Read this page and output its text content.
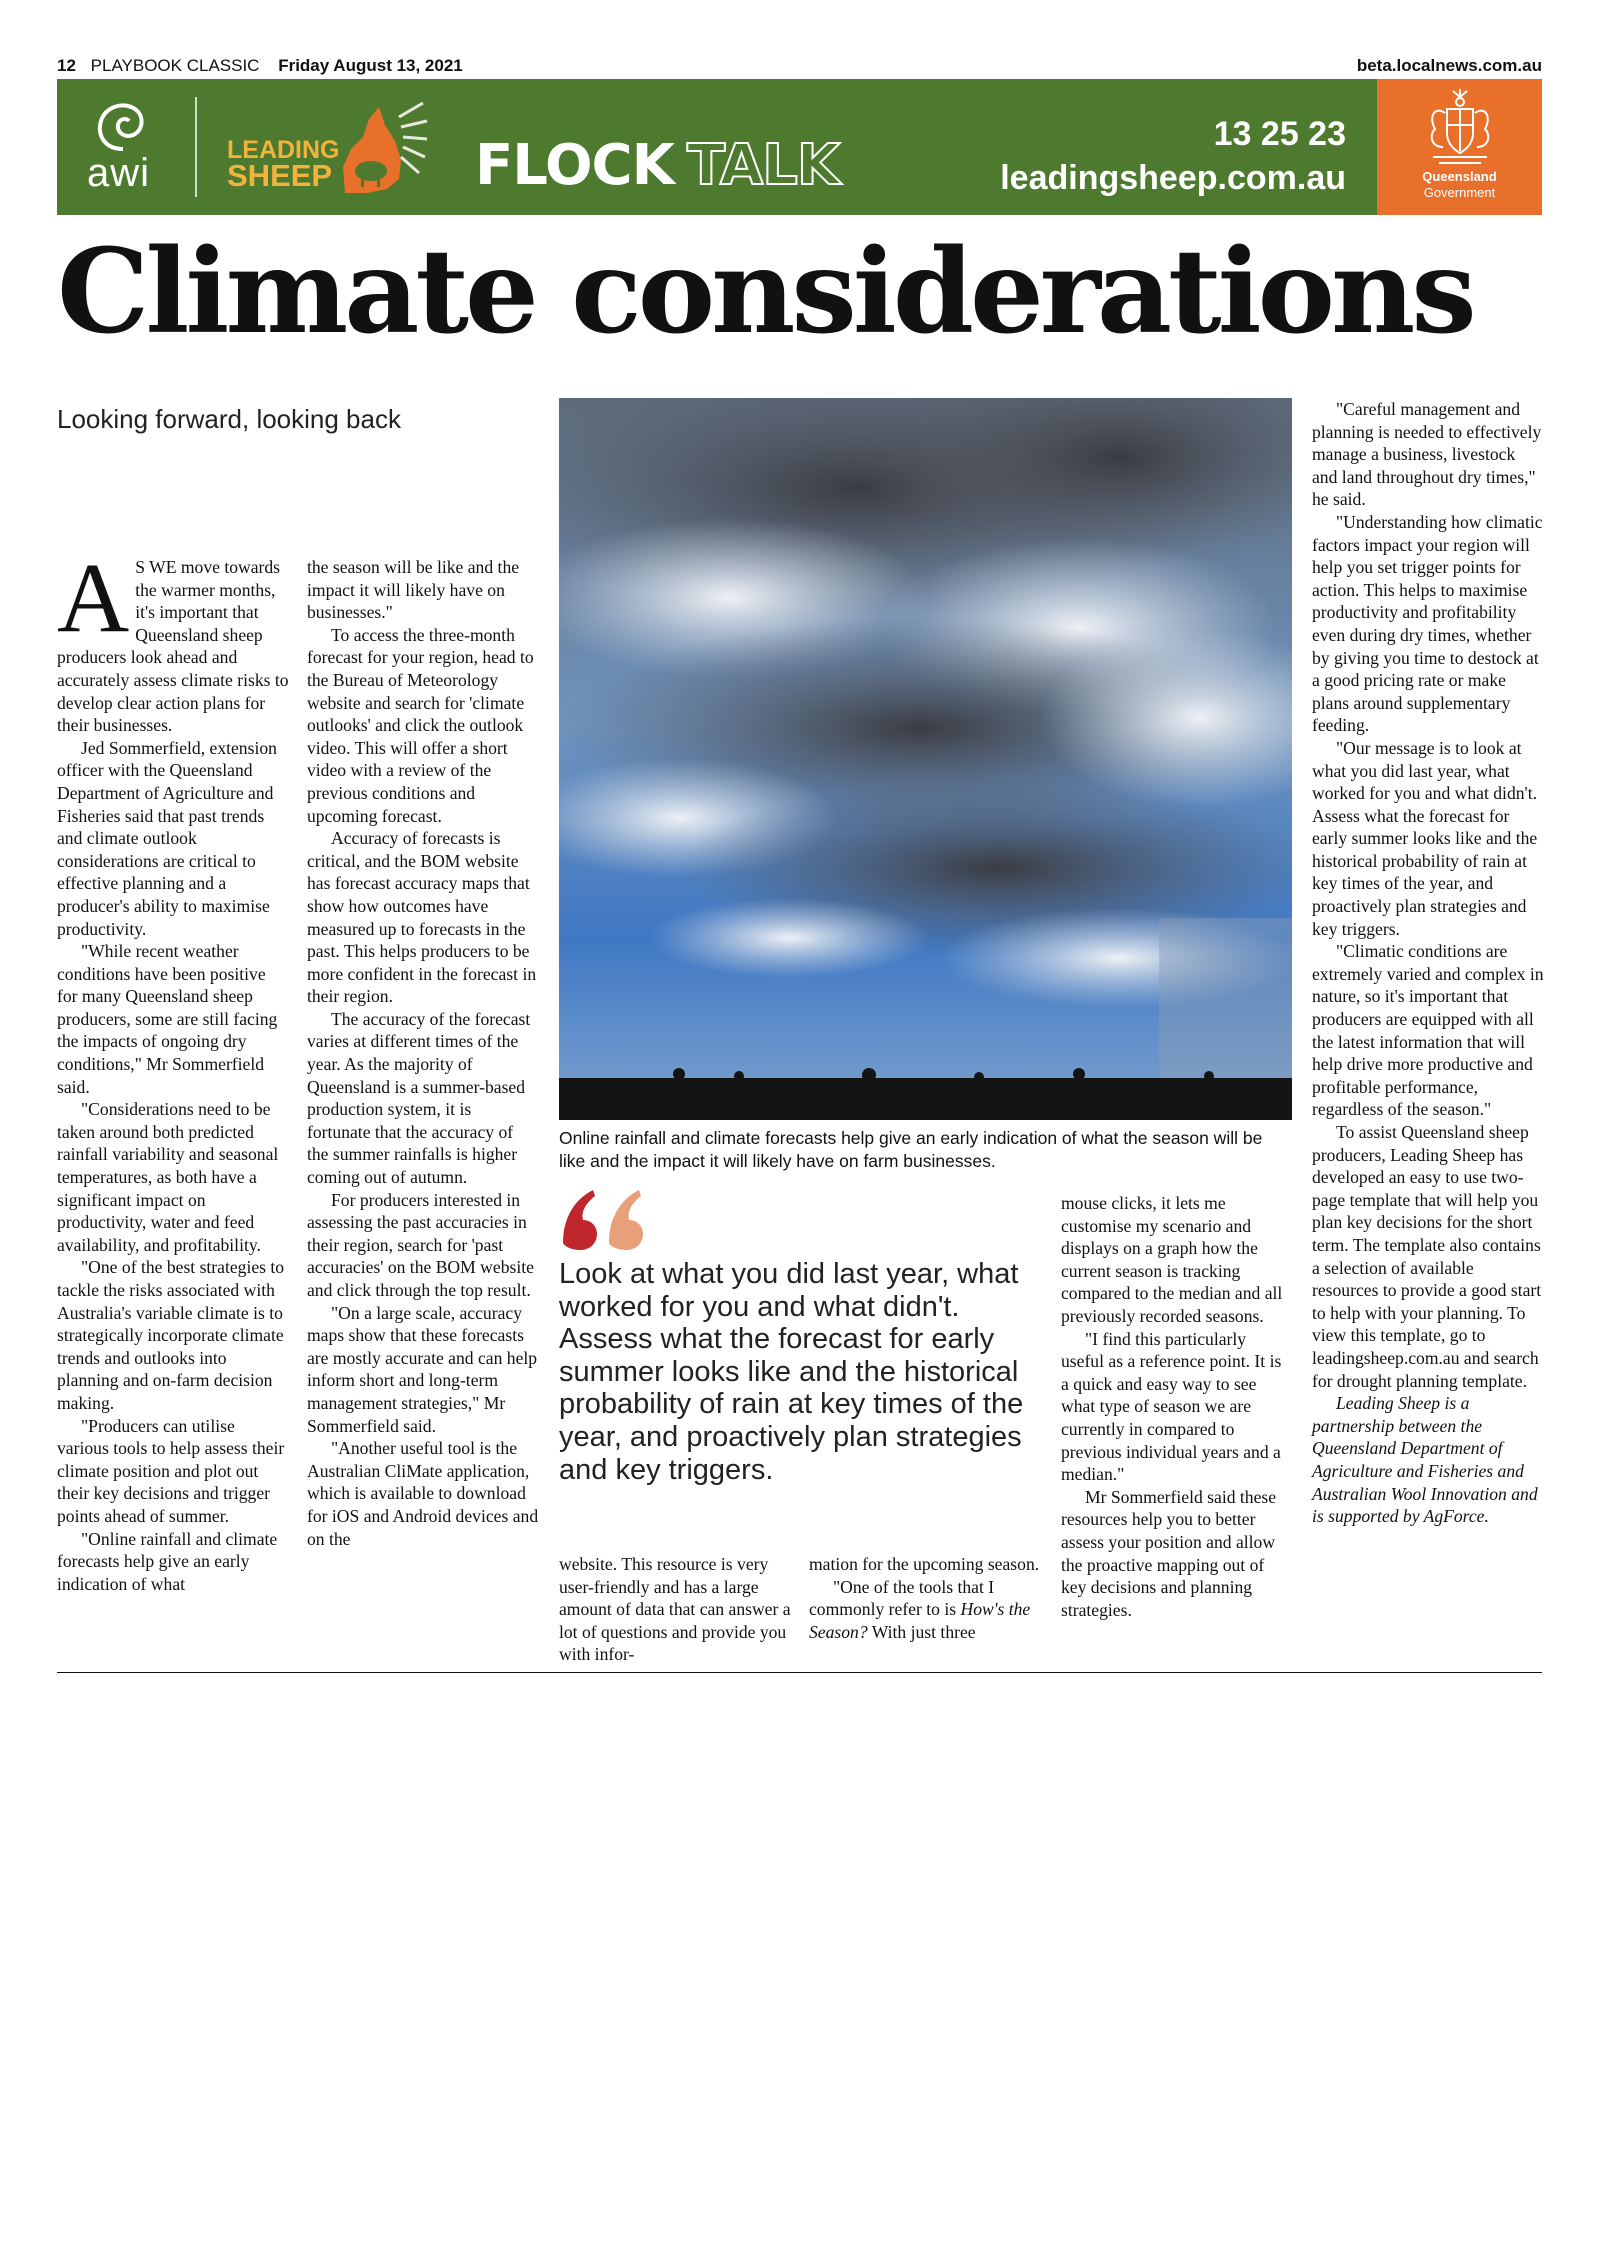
12 PLAYBOOK CLASSIC Friday August 13, 2021	beta.localnews.com.au
awi
LEADING
SHEEP	FLOCK TALK	13 25 23
leadingsheep.com.au	Queensland
Government
Climate considerations
Looking forward, looking back

A S WE move towards the warmer months, it's important that Queensland sheep producers look ahead and accurately assess climate risks to develop clear action plans for their businesses.

Jed Sommerfield, extension officer with the Queensland Department of Agriculture and Fisheries said that past trends and climate outlook considerations are critical to effective planning and a producer's ability to maximise productivity.

"While recent weather conditions have been positive for many Queensland sheep producers, some are still facing the impacts of ongoing dry conditions," Mr Sommerfield said.

"Considerations need to be taken around both predicted rainfall variability and seasonal temperatures, as both have a significant impact on productivity, water and feed availability, and profitability.

"One of the best strategies to tackle the risks associated with Australia's variable climate is to strategically incorporate climate trends and outlooks into planning and on-farm decision making.

"Producers can utilise various tools to help assess their climate position and plot out their key decisions and trigger points ahead of summer.

"Online rainfall and climate forecasts help give an early indication of what

the season will be like and the impact it will likely have on businesses."

To access the three-month forecast for your region, head to the Bureau of Meteorology website and search for 'climate outlooks' and click the outlook video. This will offer a short video with a review of the previous conditions and upcoming forecast.

Accuracy of forecasts is critical, and the BOM website has forecast accuracy maps that show how outcomes have measured up to forecasts in the past. This helps producers to be more confident in the forecast in their region.

The accuracy of the forecast varies at different times of the year. As the majority of Queensland is a summer-based production system, it is fortunate that the accuracy of the summer rainfalls is higher coming out of autumn.

For producers interested in assessing the past accuracies in their region, search for 'past accuracies' on the BOM website and click through the top result.

"On a large scale, accuracy maps show that these forecasts are mostly accurate and can help inform short and long-term management strategies," Mr Sommerfield said.

"Another useful tool is the Australian CliMate application, which is available to download for iOS and Android devices and on the

Online rainfall and climate forecasts help give an early indication of what the season will be like and the impact it will likely have on farm businesses.
Look at what you did last year, what worked for you and what didn't. Assess what the forecast for early summer looks like and the historical probability of rain at key times of the year, and proactively plan strategies and key triggers.

website. This resource is very user-friendly and has a large amount of data that can answer a lot of questions and provide you with infor-

mation for the upcoming season.

"One of the tools that I commonly refer to is How's the Season? With just three

mouse clicks, it lets me customise my scenario and displays on a graph how the current season is tracking compared to the median and all previously recorded seasons.

"I find this particularly useful as a reference point. It is a quick and easy way to see what type of season we are currently in compared to previous individual years and a median."

Mr Sommerfield said these resources help you to better assess your position and allow the proactive mapping out of key decisions and planning strategies.

"Careful management and planning is needed to effectively manage a business, livestock and land throughout dry times," he said.

"Understanding how climatic factors impact your region will help you set trigger points for action. This helps to maximise productivity and profitability even during dry times, whether by giving you time to destock at a good pricing rate or make plans around supplementary feeding.

"Our message is to look at what you did last year, what worked for you and what didn't. Assess what the forecast for early summer looks like and the historical probability of rain at key times of the year, and proactively plan strategies and key triggers.

"Climatic conditions are extremely varied and complex in nature, so it's important that producers are equipped with all the latest information that will help drive more productive and profitable performance, regardless of the season."

To assist Queensland sheep producers, Leading Sheep has developed an easy to use two-page template that will help you plan key decisions for the short term. The template also contains a selection of available resources to provide a good start to help with your planning. To view this template, go to leadingsheep.com.au and search for drought planning template.

Leading Sheep is a partnership between the Queensland Department of Agriculture and Fisheries and Australian Wool Innovation and is supported by AgForce.
